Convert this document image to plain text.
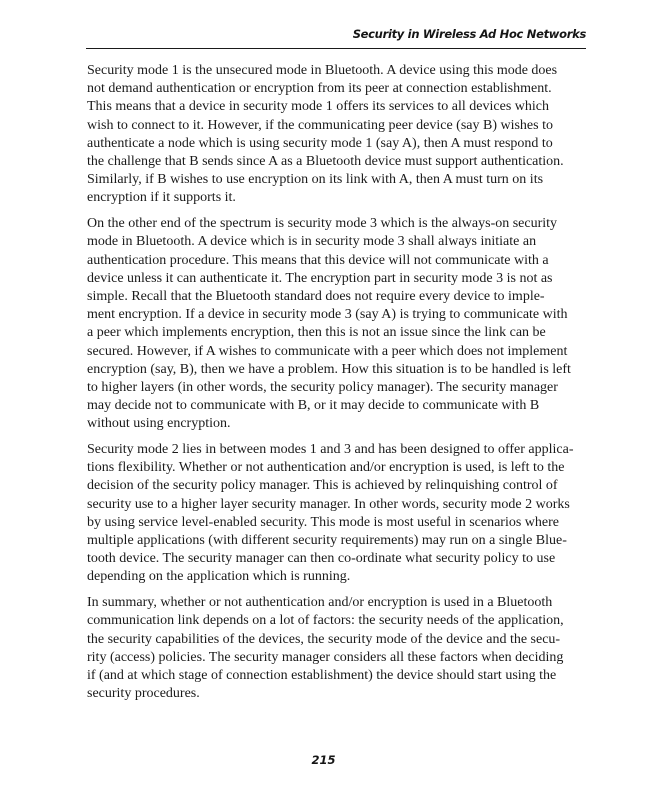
Security in Wireless Ad Hoc Networks

Security mode 1 is the unsecured mode in Bluetooth. A device using this mode does
not demand authentication or encryption from its peer at connection establishment.
This means that a device in security mode 1 offers its services to all devices which
wish to connect to it. However, if the communicating peer device (say B) wishes to
authenticate a node which is using security mode 1 (say A), then A must respond to
the challenge that B sends since A as a Bluetooth device must support authentication.
Similarly, if B wishes to use encryption on its link with A, then A must turn on its
encryption if it supports it.

On the other end of the spectrum is security mode 3 which is the always-on security
mode in Bluetooth. A device which is in security mode 3 shall always initiate an
authentication procedure. This means that this device will not communicate with a
device unless it can authenticate it. The encryption part in security mode 3 is not as
simple. Recall that the Bluetooth standard does not require every device to imple-
ment encryption. If a device in security mode 3 (say A) is trying to communicate with
a peer which implements encryption, then this is not an issue since the link can be
secured. However, if A wishes to communicate with a peer which does not implement
encryption (say, B), then we have a problem. How this situation is to be handled is left
to higher layers (in other words, the security policy manager). The security manager
may decide not to communicate with B, or it may decide to communicate with B
without using encryption.

Security mode 2 lies in between modes 1 and 3 and has been designed to offer applica-
tions flexibility. Whether or not authentication and/or encryption is used, is left to the
decision of the security policy manager. This is achieved by relinquishing control of
security use to a higher layer security manager. In other words, security mode 2 works
by using service level-enabled security. This mode is most useful in scenarios where
multiple applications (with different security requirements) may run on a single Blue-
tooth device. The security manager can then co-ordinate what security policy to use
depending on the application which is running.

In summary, whether or not authentication and/or encryption is used in a Bluetooth
communication link depends on a lot of factors: the security needs of the application,
the security capabilities of the devices, the security mode of the device and the secu-
rity (access) policies. The security manager considers all these factors when deciding
if (and at which stage of connection establishment) the device should start using the
security procedures.

215
